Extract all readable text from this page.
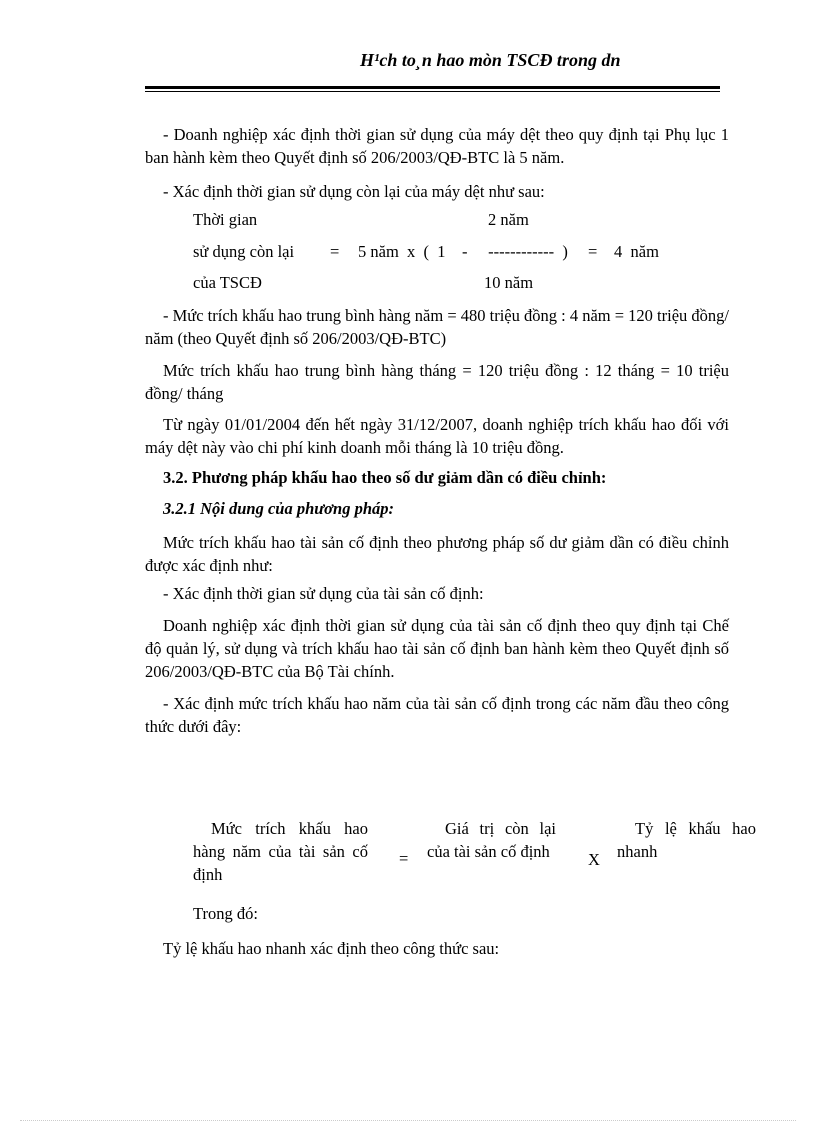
H¹ch to¸n hao mòn TSCÐ trong dn
- Doanh nghiệp xác định thời gian sử dụng của máy dệt theo quy định tại Phụ lục 1 ban hành kèm theo Quyết định số 206/2003/QĐ-BTC là 5 năm.
- Xác định thời gian sử dụng còn lại của máy dệt như sau:
Thời gian	2 năm
sử dụng còn lại = 5 năm  x  (  1    -     ------------  ) = 4  năm
của TSCĐ	10 năm
- Mức trích khấu hao trung bình hàng năm = 480 triệu đồng : 4 năm = 120 triệu đồng/ năm (theo Quyết định số 206/2003/QĐ-BTC)
Mức trích khấu hao trung bình hàng tháng = 120 triệu đồng : 12 tháng = 10 triệu đồng/ tháng
Từ ngày 01/01/2004 đến hết ngày 31/12/2007, doanh nghiệp trích khấu hao đối với máy dệt này vào chi phí kinh doanh mỗi tháng là 10 triệu đồng.
3.2. Phương pháp khấu hao theo số dư giảm dần có điều chỉnh:
3.2.1 Nội dung của phương pháp:
Mức trích khấu hao tài sản cố định theo phương pháp số dư giảm dần có điều chỉnh được xác định như:
- Xác định thời gian sử dụng của tài sản cố định:
Doanh nghiệp xác định thời gian sử dụng của tài sản cố định theo quy định tại Chế độ quản lý, sử dụng và trích khấu hao tài sản cố định ban hành kèm theo Quyết định số 206/2003/QĐ-BTC của Bộ Tài chính.
- Xác định mức trích khấu hao năm của tài sản cố định trong các năm đầu theo công thức dưới đây:
Mức trích khấu hao hàng năm của tài sản cố định
=
Giá trị còn lại của tài sản cố định	X
Tỷ lệ khấu hao nhanh
Trong đó:
Tỷ lệ khấu hao nhanh xác định theo công thức sau:
